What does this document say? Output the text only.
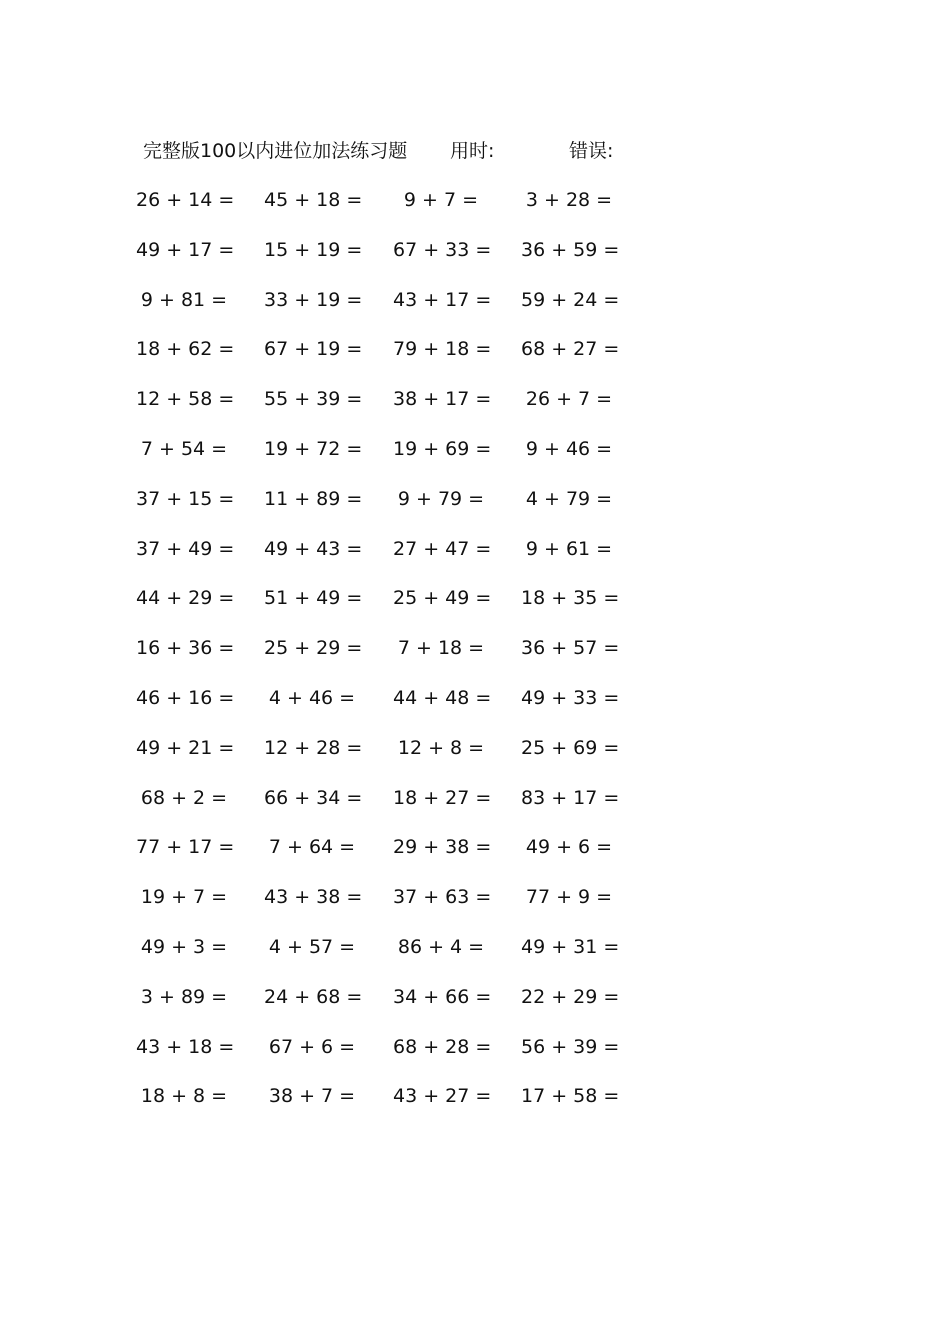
完整版100以内进位加法练习题 用时:	错误:
26 + 14 = 45 + 18 =	9 + 7 =	3 + 28 =
49 + 17 = 15 + 19 = 67 + 33 = 36 + 59 =
9 + 81 = 33 + 19 = 43 + 17 = 59 + 24 =
18 + 62 = 67 + 19 = 79 + 18 = 68 + 27 =
12 + 58 = 55 + 39 = 38 + 17 = 26 + 7 =
7 + 54 = 19 + 72 = 19 + 69 = 9 + 46 =
37 + 15 = 11 + 89 = 9 + 79 = 4 + 79 =
37 + 49 = 49 + 43 = 27 + 47 = 9 + 61 =
44 + 29 = 51 + 49 = 25 + 49 = 18 + 35 =
16 + 36 = 25 + 29 = 7 + 18 = 36 + 57 =
46 + 16 = 4 + 46 = 44 + 48 = 49 + 33 =
49 + 21 = 12 + 28 = 12 + 8 = 25 + 69 =
68 + 2 = 66 + 34 = 18 + 27 = 83 + 17 =
77 + 17 = 7 + 64 = 29 + 38 = 49 + 6 =
19 + 7 = 43 + 38 = 37 + 63 = 77 + 9 =
49 + 3 = 4 + 57 = 86 + 4 = 49 + 31 =
3 + 89 = 24 + 68 = 34 + 66 = 22 + 29 =
43 + 18 = 67 + 6 = 68 + 28 = 56 + 39 =
18 + 8 = 38 + 7 = 43 + 27 = 17 + 58 =
